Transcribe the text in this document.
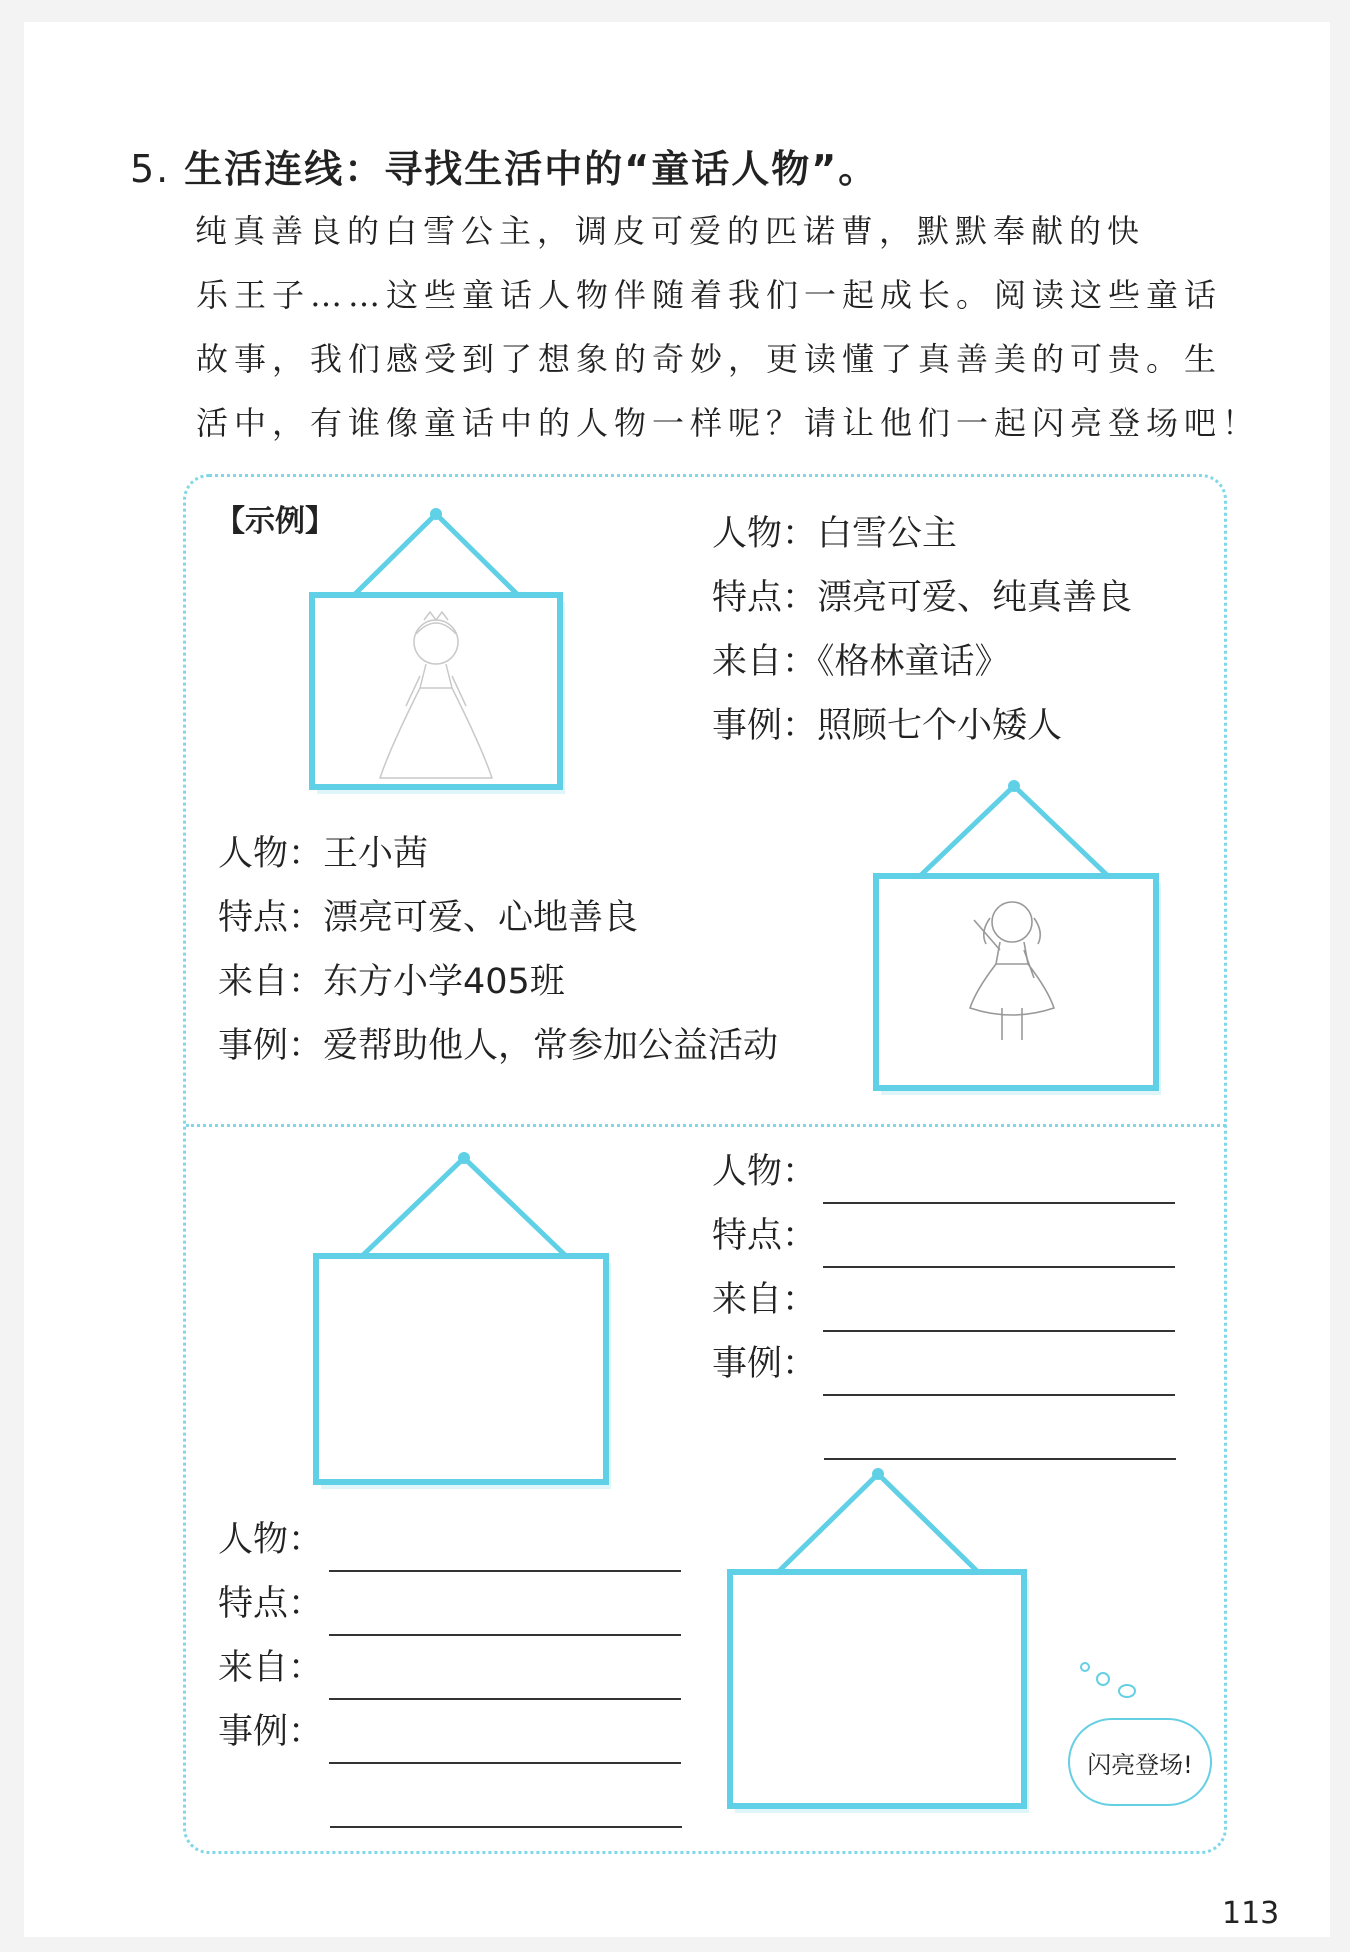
5. 生活连线：寻找生活中的“童话人物”。
纯真善良的白雪公主，调皮可爱的匹诺曹，默默奉献的快
乐王子……这些童话人物伴随着我们一起成长。阅读这些童话
故事，我们感受到了想象的奇妙，更读懂了真善美的可贵。生
活中，有谁像童话中的人物一样呢？请让他们一起闪亮登场吧！
【示例】	人物：白雪公主
特点：漂亮可爱、纯真善良
来自：《格林童话》
事例：照顾七个小矮人
人物：王小茜
特点：漂亮可爱、心地善良
来自：东方小学405班
事例：爱帮助他人，常参加公益活动
人物：
特点：
来自：
事例：
人物：
特点：
来自：
事例：
闪亮登场!
113
